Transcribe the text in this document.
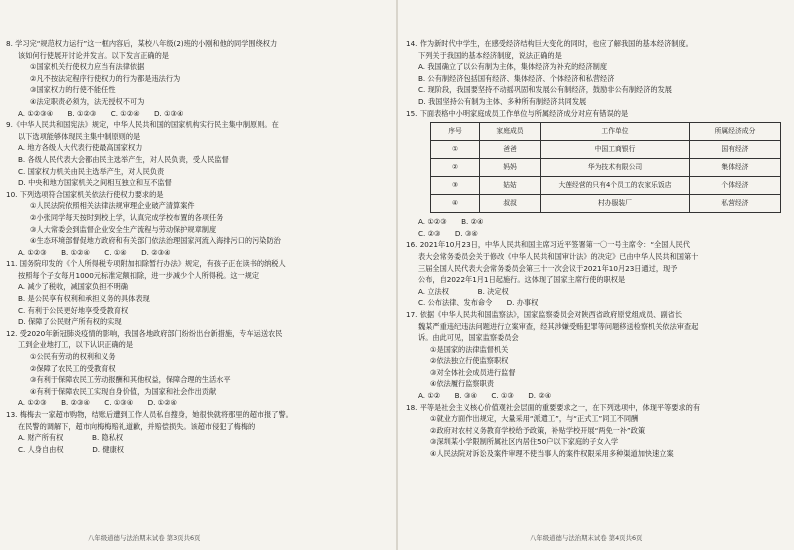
8. 学习完“规范权力运行”这一框内容后，某校八年级(2)班的小刚和他的同学围绕权力
该如何行使展开讨论并发言。以下发言正确的是
①国家机关行使权力应当有法律依据
②凡不按法定程序行使权力的行为都是违法行为
③国家权力的行使不能任性
④法定职责必须为，法无授权不可为
A. ①②③④　　B. ①②③　　C. ①②④　　D. ①③④
9.《中华人民共和国宪法》规定，中华人民共和国的国家机构实行民主集中制原则。在
以下选项能够体现民主集中制原则的是
A. 地方各级人大代表行使最高国家权力
B. 各级人民代表大会都由民主选举产生，对人民负责，受人民监督
C. 国家权力机关由民主选举产生，对人民负责
D. 中央和地方国家机关之间相互独立和互不监督
10. 下列选项符合国家机关依法行使权力要求的是
①人民法院依照相关法律法规审理企业破产清算案件
②小张同学每天按时到校上学，认真完成学校布置的各项任务
③人大常委会到监督企业安全生产流程与劳动保护规章制度
④生态环境部督促地方政府和有关部门依法治理国家河流入海排污口的污染防治
A. ①②③　　B. ①②④　　C. ①④　　D. ②③④
11. 国务院印发的《个人所得税专项附加扣除暂行办法》规定，有孩子正在读书的纳税人
按照每个子女每月1000元标准定额扣除，进一步减少个人所得税。这一规定
A. 减少了税收，减国家负担不明确
B. 是公民享有权利和承担义务的具体表现
C. 有利于公民更好地享受受教育权
D. 保障了公民财产所有权的实现
12. 受2020年新冠肺炎疫情的影响，我国各地政府部门纷纷出台新措施，专车运送农民
工到企业地打工，以下认识正确的是
①公民有劳动的权利和义务
②保障了农民工的受教育权
③有利于保障农民工劳动报酬和其他权益，保障合理的生活水平
④有利于保障农民工实现自身价值，为国家和社会作出贡献
A. ①②③　　B. ②③④　　C. ①③④　　D. ①②④
13. 梅梅去一家超市购物，结账后遭到工作人员私自搜身，她很快就将那里的超市报了警。
在民警的调解下，超市向梅梅赔礼道歉，并赔偿损失。该超市侵犯了梅梅的
A. 财产所有权　　　　B. 隐私权
C. 人身自由权　　　　D. 健康权
14. 作为新时代中学生，在感受经济结构巨大变化的同时，也应了解我国的基本经济制度。
下列关于我国的基本经济制度，说法正确的是
A. 我国确立了以公有制为主体，集体经济为补充的经济制度
B. 公有制经济包括国有经济、集体经济、个体经济和私营经济
C. 现阶段，我国要坚持不动摇巩固和发展公有制经济，鼓励非公有制经济的发展
D. 我国坚持公有制为主体、多种所有制经济共同发展
15. 下面表格中小明家庭成员工作单位与所属经济成分对应有错误的是
序号	家庭成员	工作单位	所属经济成分
①	爸爸	中国工商银行	国有经济
②	妈妈	华为技术有限公司	集体经济
③	姑姑	大莲经营的只有4个员工的农家乐饭店	个体经济
④	叔叔	村办服装厂	私营经济
A. ①②③　　B. ②④
C. ②③　　D. ③④
16. 2021年10月23日，中华人民共和国主席习近平签署第一〇一号主席令：“全国人民代
表大会常务委员会关于修改《中华人民共和国审计法》的决定》已由中华人民共和国第十
三届全国人民代表大会常务委员会第三十一次会议于2021年10月23日通过，现予
公布，自2022年1月1日起施行。这体现了国家主席行使的职权是
A. 立法权　　　　B. 决定权
C. 公布法律、发布命令　　D. 办事权
17. 依据《中华人民共和国监察法》，国家监察委员会对陕西省政府原党组成员、副省长
魏某严重违纪违法问题进行立案审查，经其涉嫌受贿犯罪等问题移送检察机关依法审查起
诉。由此可见，国家监察委员会
①是国家的法律监督机关
②依法独立行使监察职权
③对全体社会成员进行监督
④依法履行监察职责
A. ①②　　B. ③④　　C. ①③　　D. ②④
18. 平等是社会主义核心价值观社会层面的重要要求之一，在下列选项中，体现平等要求的有
①就业方面作出规定，大量采用“派遣工”，与“正式工”同工不同酬
②政府对农村义务教育学校给予政策，补贴学校开展“两免一补”政策
③深圳某小学限制所属社区内居住50户以下家庭的子女入学
④人民法院对诉讼及案件审理不使当事人的案件权限采用多种渠道加快速立案
八年级道德与法治期末试卷 第3页共6页	八年级道德与法治期末试卷 第4页共6页
